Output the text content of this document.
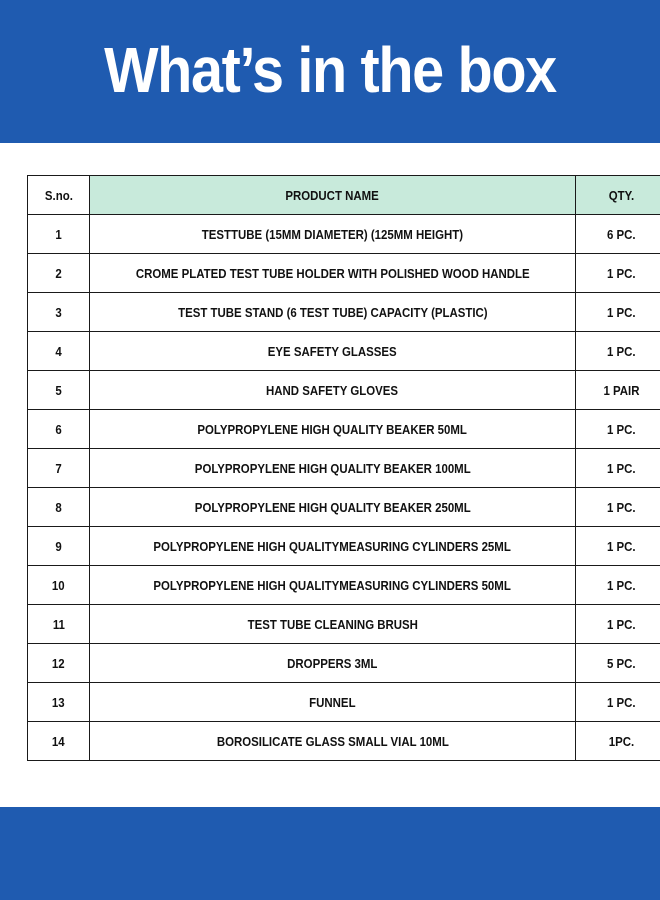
What’s in the box
S.no.	PRODUCT NAME	QTY.
1	TESTTUBE (15MM DIAMETER) (125MM HEIGHT)	6 PC.
2	CROME PLATED TEST TUBE HOLDER WITH POLISHED WOOD HANDLE	1 PC.
3	TEST TUBE STAND (6 TEST TUBE) CAPACITY (PLASTIC)	1 PC.
4	EYE SAFETY GLASSES	1 PC.
5	HAND SAFETY GLOVES	1 PAIR
6	POLYPROPYLENE HIGH QUALITY BEAKER 50ML	1 PC.
7	POLYPROPYLENE HIGH QUALITY BEAKER 100ML	1 PC.
8	POLYPROPYLENE HIGH QUALITY BEAKER 250ML	1 PC.
9	POLYPROPYLENE HIGH QUALITYMEASURING CYLINDERS 25ML	1 PC.
10	POLYPROPYLENE HIGH QUALITYMEASURING CYLINDERS 50ML	1 PC.
11	TEST TUBE CLEANING BRUSH	1 PC.
12	DROPPERS 3ML	5 PC.
13	FUNNEL	1 PC.
14	BOROSILICATE GLASS SMALL VIAL 10ML	1PC.
